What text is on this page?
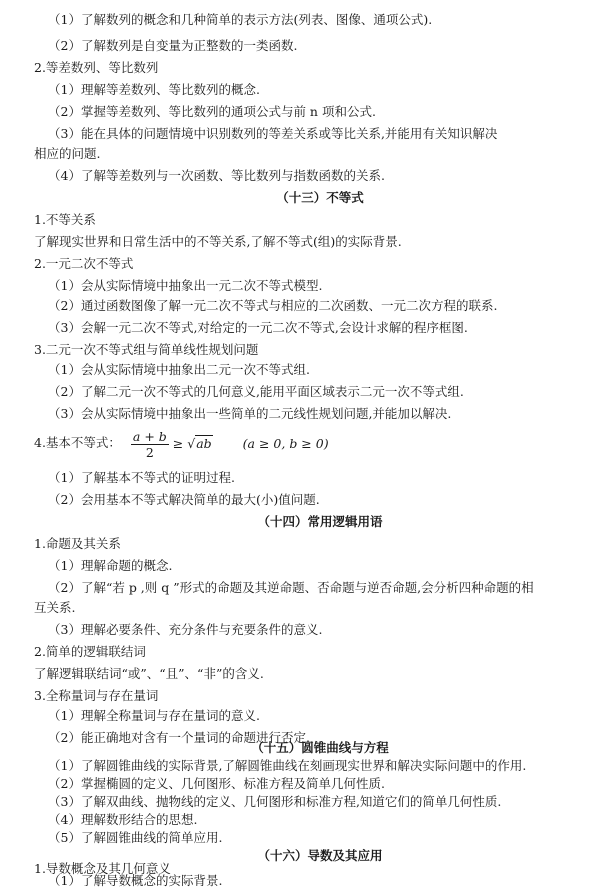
（1）了解数列的概念和几种简单的表示方法(列表、图像、通项公式).
（2）了解数列是自变量为正整数的一类函数.
2.等差数列、等比数列
（1）理解等差数列、等比数列的概念.
（2）掌握等差数列、等比数列的通项公式与前 n 项和公式.
（3）能在具体的问题情境中识别数列的等差关系或等比关系,并能用有关知识解决
相应的问题.
（4）了解等差数列与一次函数、等比数列与指数函数的关系.
（十三）不等式
1.不等关系
了解现实世界和日常生活中的不等关系,了解不等式(组)的实际背景.
2.一元二次不等式
（1）会从实际情境中抽象出一元二次不等式模型.
（2）通过函数图像了解一元二次不等式与相应的二次函数、一元二次方程的联系.
（3）会解一元二次不等式,对给定的一元二次不等式,会设计求解的程序框图.
3.二元一次不等式组与简单线性规划问题
（1）会从实际情境中抽象出二元一次不等式组.
（2）了解二元一次不等式的几何意义,能用平面区域表示二元一次不等式组.
（3）会从实际情境中抽象出一些简单的二元线性规划问题,并能加以解决.
4.基本不等式： $\frac{a + b}{2} \ge √ab$ (a ≥ 0, b ≥ 0)
（1）了解基本不等式的证明过程.
（2）会用基本不等式解决简单的最大(小)值问题.
（十四）常用逻辑用语
1.命题及其关系
（1）理解命题的概念.
（2）了解“若 p ,则 q ”形式的命题及其逆命题、否命题与逆否命题,会分析四种命题的相
互关系.
（3）理解必要条件、充分条件与充要条件的意义.
2.简单的逻辑联结词
了解逻辑联结词“或”、“且”、“非”的含义.
3.全称量词与存在量词
（1）理解全称量词与存在量词的意义.
（2）能正确地对含有一个量词的命题进行否定.
（十五）圆锥曲线与方程
（1）了解圆锥曲线的实际背景,了解圆锥曲线在刻画现实世界和解决实际问题中的作用.
（2）掌握椭圆的定义、几何图形、标准方程及简单几何性质.
（3）了解双曲线、抛物线的定义、几何图形和标准方程,知道它们的简单几何性质.
（4）理解数形结合的思想.
（5）了解圆锥曲线的简单应用.
（十六）导数及其应用
1.导数概念及其几何意义
（1）了解导数概念的实际背景.
